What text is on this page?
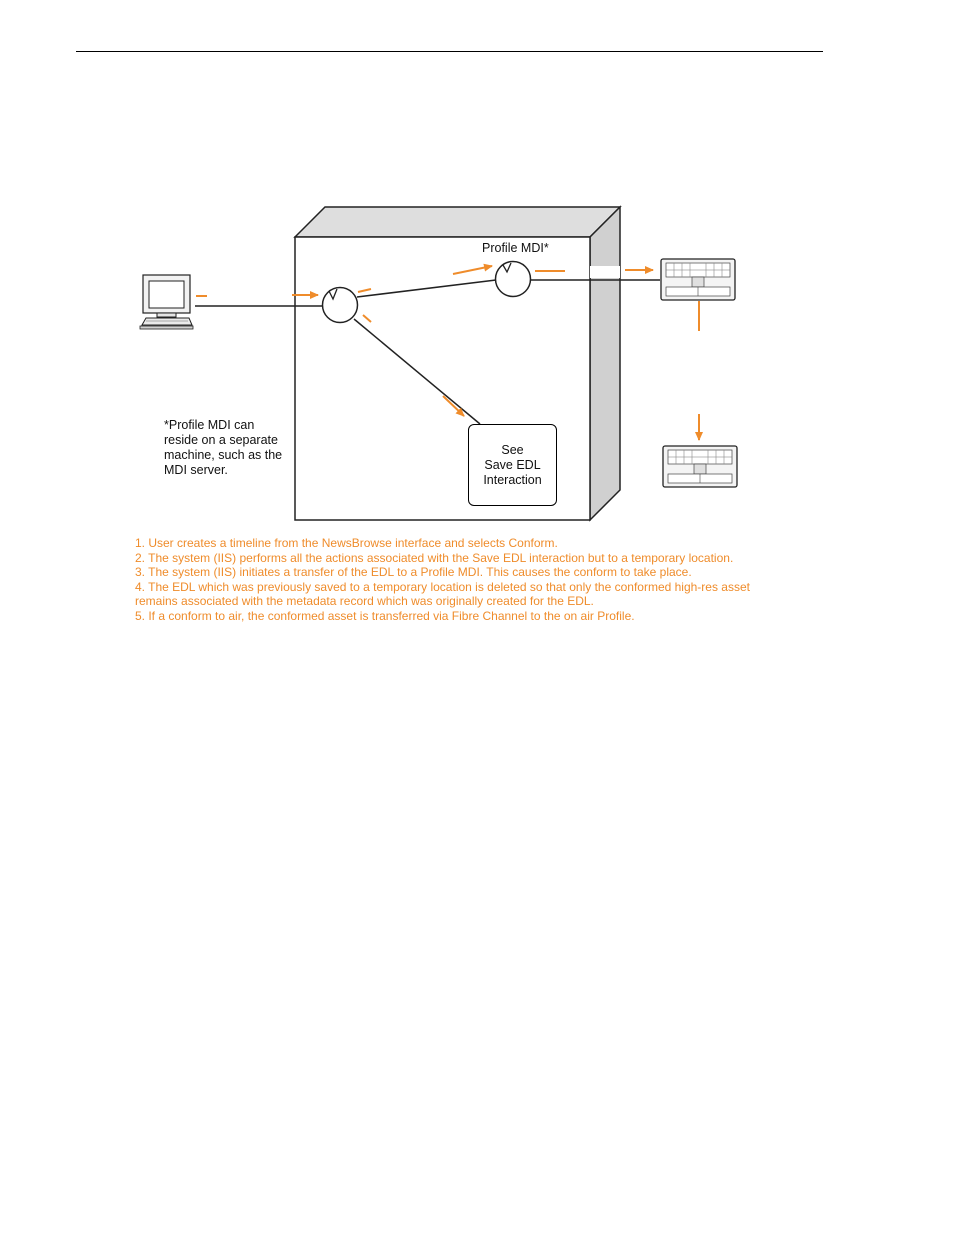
Profile MDI*
*Profile MDI can
reside on a separate
machine, such as the
MDI server.
See
Save EDL
Interaction
1. User creates a timeline from the NewsBrowse interface and selects Conform.
2. The system (IIS) performs all the actions associated with the Save EDL interaction but to a temporary location.
3. The system (IIS) initiates a transfer of the EDL to a Profile MDI. This causes the conform to take place.
4. The EDL which was previously saved to a temporary location is deleted so that only the conformed high-res asset
remains associated with the metadata record which was originally created for the EDL.
5. If a conform to air, the conformed asset is transferred via Fibre Channel to the on air Profile.
